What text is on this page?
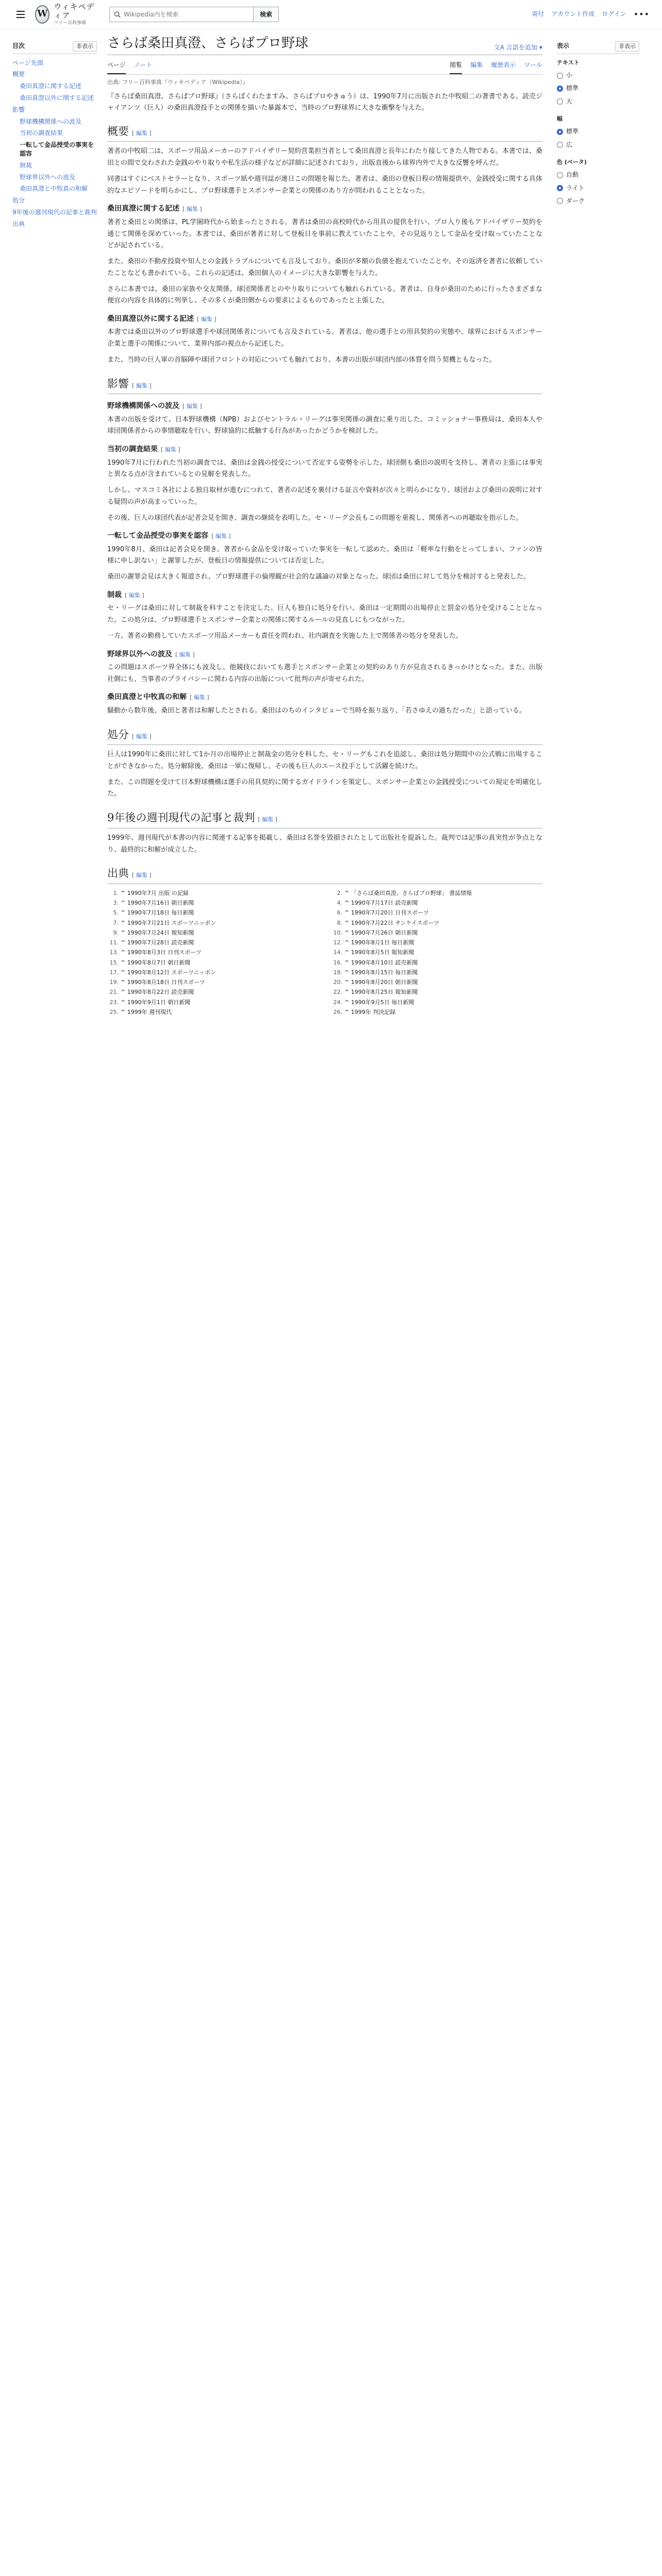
W
ウィキペディア
フリー百科事典
Wikipedia内を検索
検索	寄付 アカウント作成 ログイン •••
目次	非表示
ページ先頭
概要
桑田真澄に関する記述
桑田真澄以外に関する記述
影響
野球機構関係への波及
当初の調査結果
一転して金品授受の事実を認容
制裁
野球界以外への波及
桑田真澄と中牧真の和解
処分
9年後の週刊現代の記事と裁判
出典
さらば桑田真澄、さらばプロ野球	文A 言語を追加 ▾
ページ ノート	閲覧 編集 履歴表示 ツール
出典: フリー百科事典『ウィキペディア（Wikipedia）』

『さらば桑田真澄、さらばプロ野球』（さらばくわたますみ、さらばプロやきゅう）は、1990年7月に出版された中牧昭二の著書である。読売ジャイアンツ（巨人）の桑田真澄投手との関係を描いた暴露本で、当時のプロ野球界に大きな衝撃を与えた。

概要 [ 編集 ]

著者の中牧昭二は、スポーツ用品メーカーのアドバイザリー契約営業担当者として桑田真澄と長年にわたり接してきた人物である。本書では、桑田との間で交わされた金銭のやり取りや私生活の様子などが詳細に記述されており、出版直後から球界内外で大きな反響を呼んだ。

同書はすぐにベストセラーとなり、スポーツ紙や週刊誌が連日この問題を報じた。著者は、桑田の登板日程の情報提供や、金銭授受に関する具体的なエピソードを明らかにし、プロ野球選手とスポンサー企業との関係のあり方が問われることとなった。

桑田真澄に関する記述 [ 編集 ]

著者と桑田との関係は、PL学園時代から始まったとされる。著者は桑田の高校時代から用具の提供を行い、プロ入り後もアドバイザリー契約を通じて関係を深めていった。本書では、桑田が著者に対して登板日を事前に教えていたことや、その見返りとして金品を受け取っていたことなどが記されている。

また、桑田の不動産投資や知人との金銭トラブルについても言及しており、桑田が多額の負債を抱えていたことや、その返済を著者に依頼していたことなども書かれている。これらの記述は、桑田個人のイメージに大きな影響を与えた。

さらに本書では、桑田の家族や交友関係、球団関係者とのやり取りについても触れられている。著者は、自身が桑田のために行ったさまざまな便宜の内容を具体的に列挙し、その多くが桑田側からの要求によるものであったと主張した。

桑田真澄以外に関する記述 [ 編集 ]

本書では桑田以外のプロ野球選手や球団関係者についても言及されている。著者は、他の選手との用具契約の実態や、球界におけるスポンサー企業と選手の関係について、業界内部の視点から記述した。

また、当時の巨人軍の首脳陣や球団フロントの対応についても触れており、本書の出版が球団内部の体質を問う契機ともなった。

影響 [ 編集 ]
野球機構関係への波及 [ 編集 ]

本書の出版を受けて、日本野球機構（NPB）およびセントラル・リーグは事実関係の調査に乗り出した。コミッショナー事務局は、桑田本人や球団関係者からの事情聴取を行い、野球協約に抵触する行為があったかどうかを検討した。

当初の調査結果 [ 編集 ]

1990年7月に行われた当初の調査では、桑田は金銭の授受について否定する姿勢を示した。球団側も桑田の説明を支持し、著者の主張には事実と異なる点が含まれているとの見解を発表した。

しかし、マスコミ各社による独自取材が進むにつれて、著者の記述を裏付ける証言や資料が次々と明らかになり、球団および桑田の説明に対する疑問の声が高まっていった。

その後、巨人の球団代表が記者会見を開き、調査の継続を表明した。セ・リーグ会長もこの問題を重視し、関係者への再聴取を指示した。

一転して金品授受の事実を認容 [ 編集 ]

1990年8月、桑田は記者会見を開き、著者から金品を受け取っていた事実を一転して認めた。桑田は「軽率な行動をとってしまい、ファンの皆様に申し訳ない」と謝罪したが、登板日の情報提供については否定した。

桑田の謝罪会見は大きく報道され、プロ野球選手の倫理観が社会的な議論の対象となった。球団は桑田に対して処分を検討すると発表した。

制裁 [ 編集 ]

セ・リーグは桑田に対して制裁を科すことを決定した。巨人も独自に処分を行い、桑田は一定期間の出場停止と罰金の処分を受けることとなった。この処分は、プロ野球選手とスポンサー企業との関係に関するルールの見直しにもつながった。

一方、著者の勤務していたスポーツ用品メーカーも責任を問われ、社内調査を実施した上で関係者の処分を発表した。

野球界以外への波及 [ 編集 ]

この問題はスポーツ界全体にも波及し、他競技においても選手とスポンサー企業との契約のあり方が見直されるきっかけとなった。また、出版社側にも、当事者のプライバシーに関わる内容の出版について批判の声が寄せられた。

桑田真澄と中牧真の和解 [ 編集 ]

騒動から数年後、桑田と著者は和解したとされる。桑田はのちのインタビューで当時を振り返り、「若さゆえの過ちだった」と語っている。

処分 [ 編集 ]

巨人は1990年に桑田に対して1か月の出場停止と制裁金の処分を科した。セ・リーグもこれを追認し、桑田は処分期間中の公式戦に出場することができなかった。処分解除後、桑田は一軍に復帰し、その後も巨人のエース投手として活躍を続けた。

また、この問題を受けて日本野球機構は選手の用具契約に関するガイドラインを策定し、スポンサー企業との金銭授受についての規定を明確化した。

9年後の週刊現代の記事と裁判 [ 編集 ]

1999年、週刊現代が本書の内容に関連する記事を掲載し、桑田は名誉を毀損されたとして出版社を提訴した。裁判では記事の真実性が争点となり、最終的に和解が成立した。

出典 [ 編集 ]
1. ^ 1990年7月 出版 の記録	2. ^ 「さらば桑田真澄、さらばプロ野球」 書誌情報
3. ^ 1990年7月16日 朝日新聞	4. ^ 1990年7月17日 読売新聞
5. ^ 1990年7月18日 毎日新聞	6. ^ 1990年7月20日 日刊スポーツ
7. ^ 1990年7月21日 スポーツニッポン	8. ^ 1990年7月22日 サンケイスポーツ
9. ^ 1990年7月24日 報知新聞	10. ^ 1990年7月26日 朝日新聞
11. ^ 1990年7月28日 読売新聞	12. ^ 1990年8月1日 毎日新聞
13. ^ 1990年8月3日 日刊スポーツ	14. ^ 1990年8月5日 報知新聞
15. ^ 1990年8月7日 朝日新聞	16. ^ 1990年8月10日 読売新聞
17. ^ 1990年8月12日 スポーツニッポン	18. ^ 1990年8月15日 毎日新聞
19. ^ 1990年8月18日 日刊スポーツ	20. ^ 1990年8月20日 朝日新聞
21. ^ 1990年8月22日 読売新聞	22. ^ 1990年8月25日 報知新聞
23. ^ 1990年9月1日 朝日新聞	24. ^ 1990年9月5日 毎日新聞
25. ^ 1999年 週刊現代	26. ^ 1999年 判決記録
表示	非表示
テキスト
小
標準
大
幅
標準
広
色 (ベータ)
自動
ライト
ダーク
